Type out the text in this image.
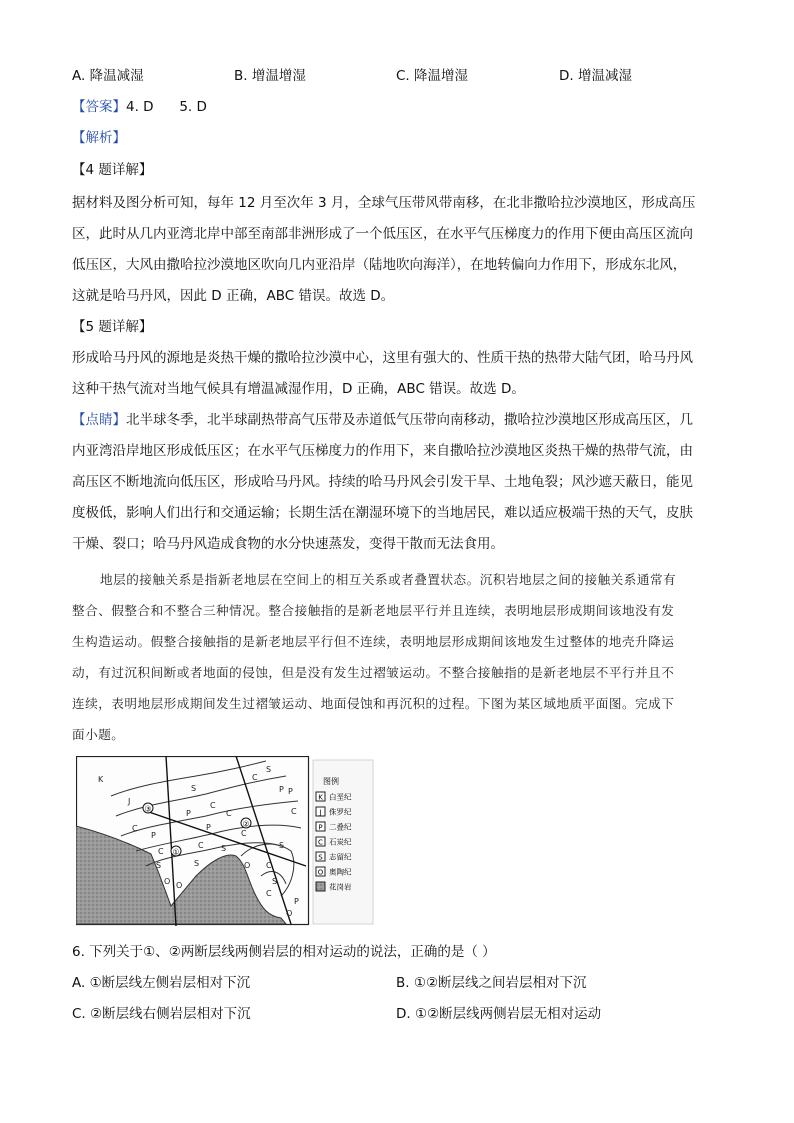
A. 降温减湿	B. 增温增湿	C. 降温增湿	D. 增温减湿
【答案】4. D      5. D
【解析】
【4 题详解】
据材料及图分析可知，每年 12 月至次年 3 月，全球气压带风带南移，在北非撒哈拉沙漠地区，形成高压
区，此时从几内亚湾北岸中部至南部非洲形成了一个低压区，在水平气压梯度力的作用下便由高压区流向
低压区，大风由撒哈拉沙漠地区吹向几内亚沿岸（陆地吹向海洋），在地转偏向力作用下，形成东北风，
这就是哈马丹风，因此 D 正确，ABC 错误。故选 D。
【5 题详解】
形成哈马丹风的源地是炎热干燥的撒哈拉沙漠中心，这里有强大的、性质干热的热带大陆气团，哈马丹风
这种干热气流对当地气候具有增温减湿作用，D 正确，ABC 错误。故选 D。
【点睛】北半球冬季，北半球副热带高气压带及赤道低气压带向南移动，撒哈拉沙漠地区形成高压区，几
内亚湾沿岸地区形成低压区；在水平气压梯度力的作用下，来自撒哈拉沙漠地区炎热干燥的热带气流，由
高压区不断地流向低压区，形成哈马丹风。持续的哈马丹风会引发干旱、土地龟裂；风沙遮天蔽日，能见
度极低，影响人们出行和交通运输；长期生活在潮湿环境下的当地居民，难以适应极端干热的天气，皮肤
干燥、裂口；哈马丹风造成食物的水分快速蒸发，变得干散而无法食用。
地层的接触关系是指新老地层在空间上的相互关系或者叠置状态。沉积岩地层之间的接触关系通常有
整合、假整合和不整合三种情况。整合接触指的是新老地层平行并且连续，表明地层形成期间该地没有发
生构造运动。假整合接触指的是新老地层平行但不连续，表明地层形成期间该地发生过整体的地壳升降运
动，有过沉积间断或者地面的侵蚀，但是没有发生过褶皱运动。不整合接触指的是新老地层不平行并且不
连续，表明地层形成期间发生过褶皱运动、地面侵蚀和再沉积的过程。下图为某区域地质平面图。完成下
面小题。
①
②
③
K
J
S
C
C
S
P
C
S
C
P
C
P
O
S
C
S
C
O
S
O
C
S
P
C
O
P
C
P
图例
K 白垩纪
J 侏罗纪
P 二叠纪
C 石炭纪
S 志留纪
O 奥陶纪
花岗岩
6. 下列关于①、②两断层线两侧岩层的相对运动的说法，正确的是（ ）
A. ①断层线左侧岩层相对下沉	B. ①②断层线之间岩层相对下沉
C. ②断层线右侧岩层相对下沉	D. ①②断层线两侧岩层无相对运动
